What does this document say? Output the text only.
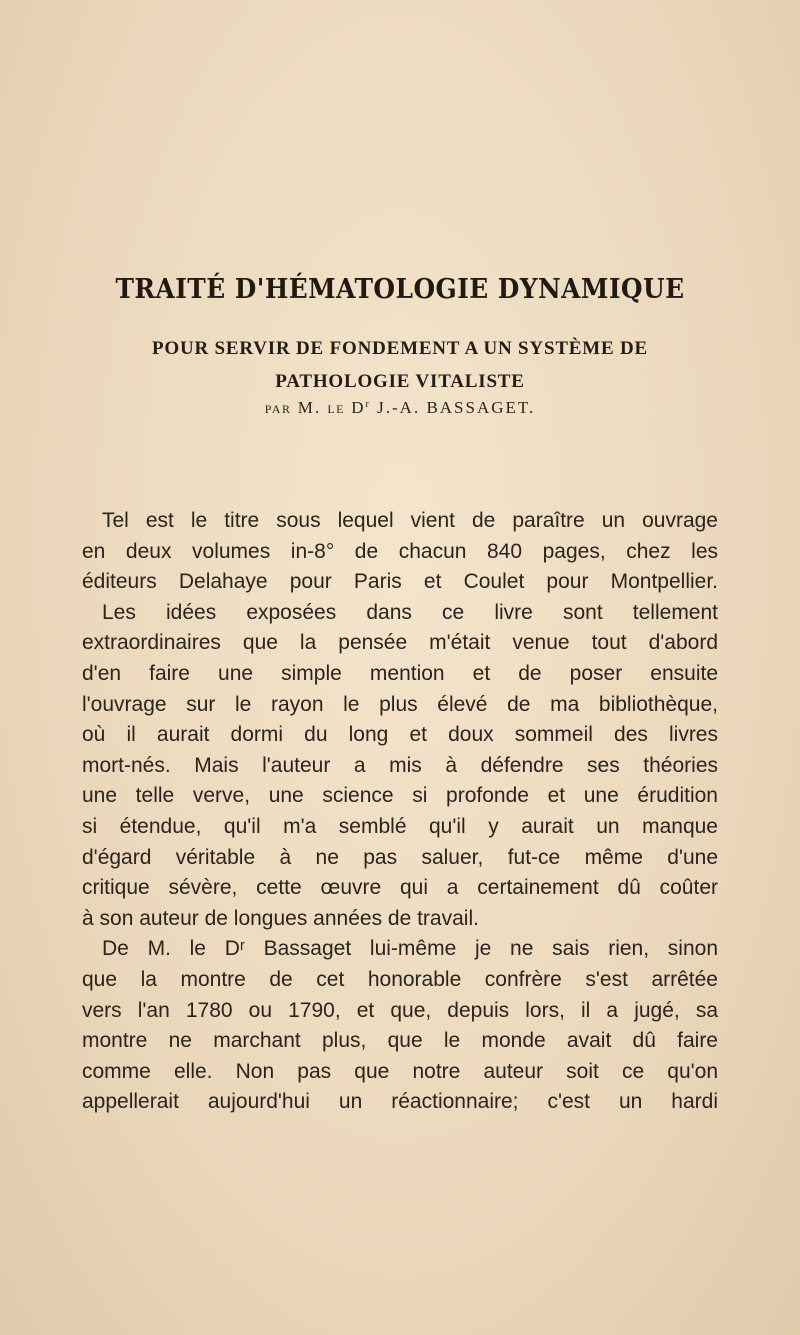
TRAITÉ D'HÉMATOLOGIE DYNAMIQUE
POUR SERVIR DE FONDEMENT A UN SYSTÈME DE
PATHOLOGIE VITALISTE
PAR M. LE $D^r$ J.-A. BASSAGET.
Tel est le titre sous lequel vient de paraître un ouvrage
en deux volumes in-8° de chacun 840 pages, chez les
éditeurs Delahaye pour Paris et Coulet pour Montpellier.
Les idées exposées dans ce livre sont tellement
extraordinaires que la pensée m'était venue tout d'abord
d'en faire une simple mention et de poser ensuite
l'ouvrage sur le rayon le plus élevé de ma bibliothèque,
où il aurait dormi du long et doux sommeil des livres
mort-nés. Mais l'auteur a mis à défendre ses théories
une telle verve, une science si profonde et une érudition
si étendue, qu'il m'a semblé qu'il y aurait un manque
d'égard véritable à ne pas saluer, fut-ce même d'une
critique sévère, cette œuvre qui a certainement dû coûter
à son auteur de longues années de travail.
De M. le Dʳ Bassaget lui-même je ne sais rien, sinon
que la montre de cet honorable confrère s'est arrêtée
vers l'an 1780 ou 1790, et que, depuis lors, il a jugé, sa
montre ne marchant plus, que le monde avait dû faire
comme elle. Non pas que notre auteur soit ce qu'on
appellerait aujourd'hui un réactionnaire; c'est un hardi
